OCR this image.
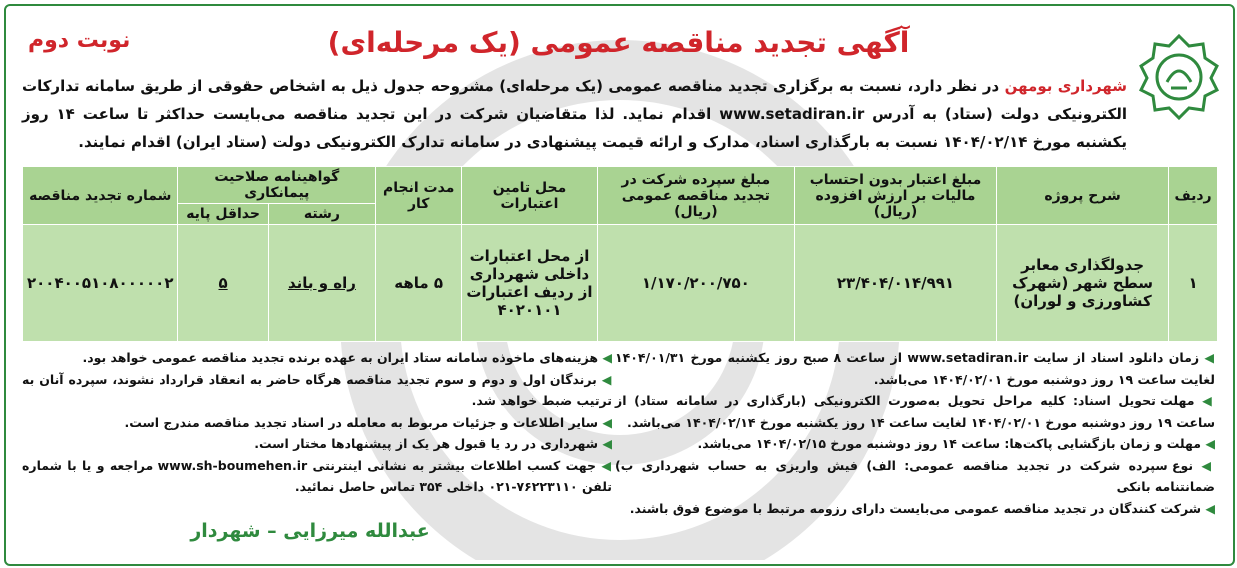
نوبت دوم	آگهی تجدید مناقصه عمومی (یک مرحله‌ای)
شهرداری بومهن در نظر دارد، نسبت به برگزاری تجدید مناقصه عمومی (یک مرحله‌ای) مشروحه جدول ذیل به اشخاص حقوقی از طریق سامانه تدارکات الکترونیکی دولت (ستاد) به آدرس www.setadiran.ir اقدام نماید. لذا متقاضیان شرکت در این تجدید مناقصه می‌بایست حداکثر تا ساعت ۱۴ روز یکشنبه مورخ ۱۴۰۴/۰۲/۱۴ نسبت به بارگذاری اسناد، مدارک و ارائه قیمت پیشنهادی در سامانه تدارک الکترونیکی دولت (ستاد ایران) اقدام نمایند.
ردیف	شرح پروژه	مبلغ اعتبار بدون احتساب مالیات بر ارزش افزوده (ریال)	مبلغ سپرده شرکت در تجدید مناقصه عمومی (ریال)	محل تامین اعتبارات	مدت انجام کار	گواهینامه صلاحیت پیمانکاری		شماره تجدید مناقصه
						رشته	حداقل پایه	
۱	جدولگذاری معابر سطح شهر (شهرک کشاورزی و لوران)	۲۳/۴۰۴/۰۱۴/۹۹۱	۱/۱۷۰/۲۰۰/۷۵۰	از محل اعتبارات داخلی شهرداری از ردیف اعتبارات ۴۰۲۰۱۰۱	۵ ماهه	راه و باند	۵	۲۰۰۴۰۰۵۱۰۸۰۰۰۰۰۲

◀ زمان دانلود اسناد از سایت www.setadiran.ir از ساعت ۸ صبح روز یکشنبه مورخ ۱۴۰۴/۰۱/۳۱ لغایت ساعت ۱۹ روز دوشنبه مورخ ۱۴۰۴/۰۲/۰۱ می‌باشد.

◀ مهلت تحویل اسناد: کلیه مراحل تحویل به‌صورت الکترونیکی (بارگذاری در سامانه ستاد) از ساعت ۱۹ روز دوشنبه مورخ ۱۴۰۴/۰۲/۰۱ لغایت ساعت ۱۴ روز یکشنبه مورخ ۱۴۰۴/۰۲/۱۴ می‌باشد.

◀ مهلت و زمان بازگشایی پاکت‌ها: ساعت ۱۴ روز دوشنبه مورخ ۱۴۰۴/۰۲/۱۵ می‌باشد.

◀ نوع سپرده شرکت در تجدید مناقصه عمومی: الف) فیش واریزی به حساب شهرداری ب) ضمانتنامه بانکی

◀ شرکت کنندگان در تجدید مناقصه عمومی می‌بایست دارای رزومه مرتبط با موضوع فوق باشند.

◀ هزینه‌های ماخوذه سامانه ستاد ایران به عهده برنده تجدید مناقصه عمومی خواهد بود.

◀ برندگان اول و دوم و سوم تجدید مناقصه هرگاه حاضر به انعقاد قرارداد نشوند، سپرده آنان به ترتیب ضبط خواهد شد.

◀ سایر اطلاعات و جزئیات مربوط به معامله در اسناد تجدید مناقصه مندرج است.

◀ شهرداری در رد یا قبول هر یک از پیشنهادها مختار است.

◀ جهت کسب اطلاعات بیشتر به نشانی اینترنتی www.sh-boumehen.ir مراجعه و یا با شماره تلفن ۷۶۲۲۳۱۱۰-۰۲۱ داخلی ۳۵۴ تماس حاصل نمائید.

عبدالله میرزایی – شهردار
